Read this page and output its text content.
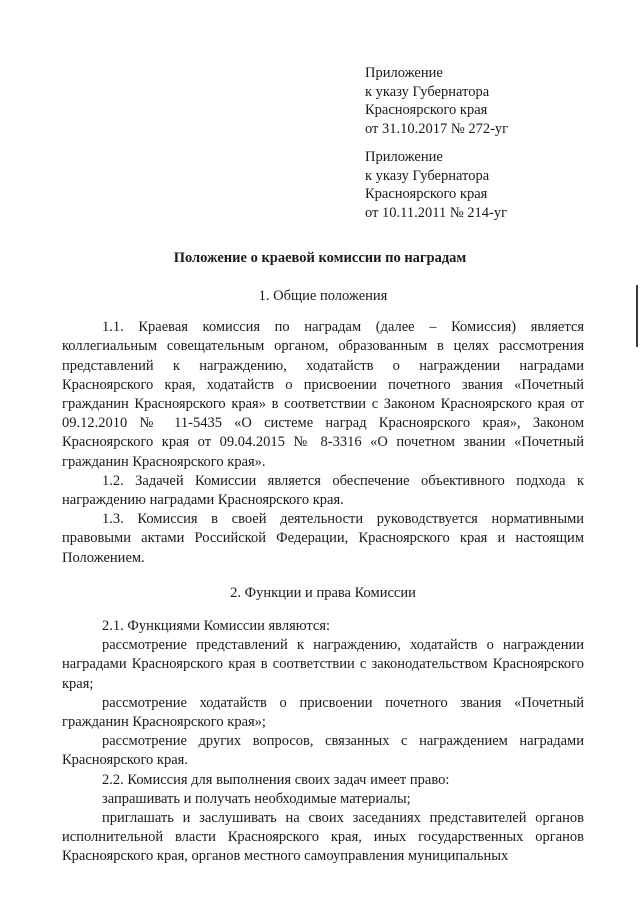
Приложение

к указу Губернатора

Красноярского края

от 31.10.2017 № 272-уг

Приложение

к указу Губернатора

Красноярского края

от 10.11.2011 № 214-уг

Положение о краевой комиссии по наградам

1. Общие положения

1.1. Краевая комиссия по наградам (далее – Комиссия) является коллегиальным совещательным органом, образованным в целях рассмотрения представлений к награждению, ходатайств о награждении наградами Красноярского края, ходатайств о присвоении почетного звания «Почетный гражданин Красноярского края» в соответствии с Законом Красноярского края от 09.12.2010 № 11-5435 «О системе наград Красноярского края», Законом Красноярского края от 09.04.2015 № 8-3316 «О почетном звании «Почетный гражданин Красноярского края».

1.2. Задачей Комиссии является обеспечение объективного подхода к награждению наградами Красноярского края.

1.3. Комиссия в своей деятельности руководствуется нормативными правовыми актами Российской Федерации, Красноярского края и настоящим Положением.

2. Функции и права Комиссии

2.1. Функциями Комиссии являются:

рассмотрение представлений к награждению, ходатайств о награждении наградами Красноярского края в соответствии с законодательством Красноярского края;

рассмотрение ходатайств о присвоении почетного звания «Почетный гражданин Красноярского края»;

рассмотрение других вопросов, связанных с награждением наградами Красноярского края.

2.2. Комиссия для выполнения своих задач имеет право:

запрашивать и получать необходимые материалы;

приглашать и заслушивать на своих заседаниях представителей органов исполнительной власти Красноярского края, иных государственных органов Красноярского края, органов местного самоуправления муниципальных
